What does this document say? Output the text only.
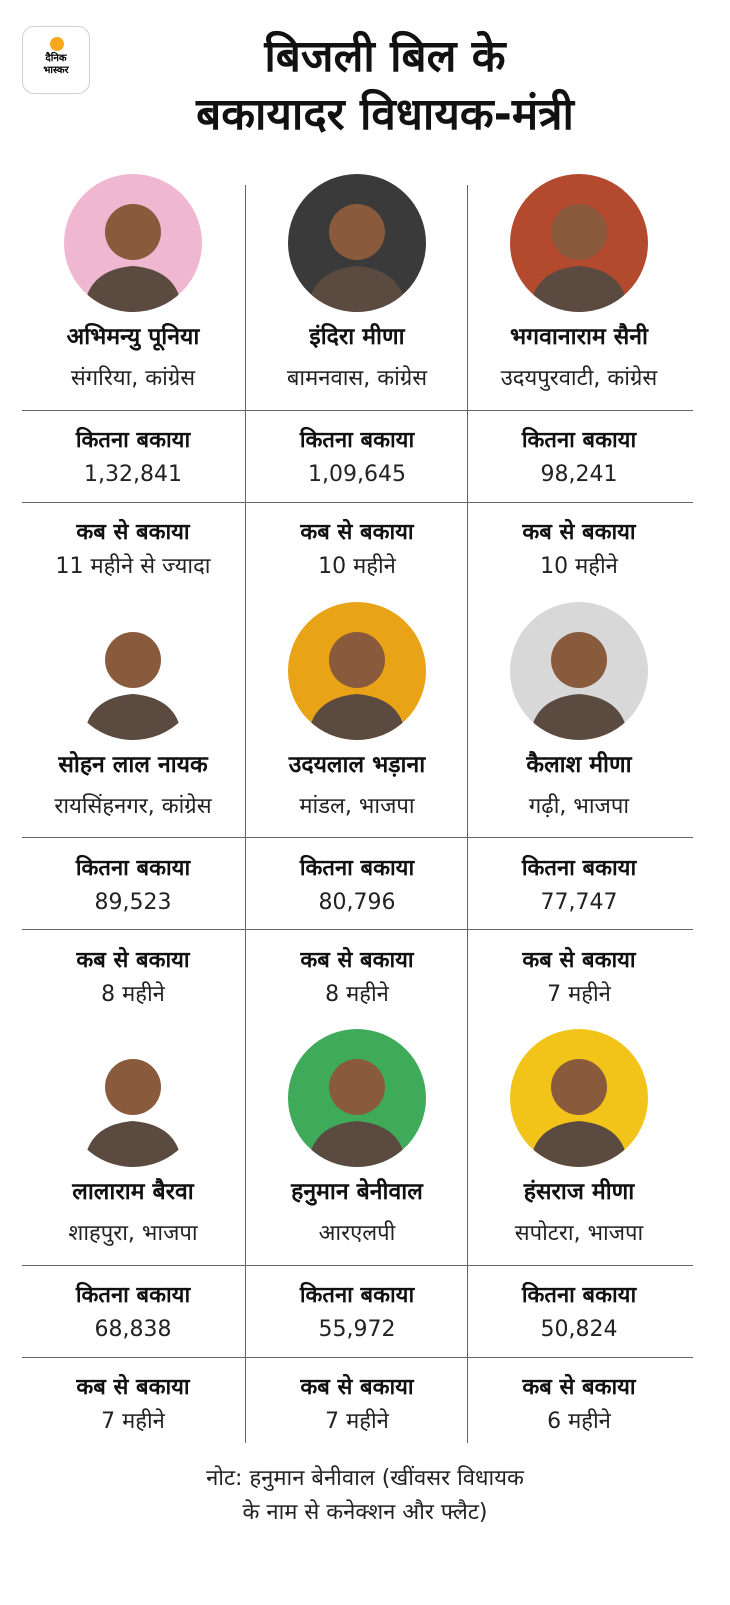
दैनिक
भास्कर	बिजली बिल के
बकायादर विधायक-मंत्री
अभिमन्यु पूनिया
संगरिया, कांग्रेस
कितना बकाया
1,32,841
कब से बकाया
11 महीने से ज्यादा
इंदिरा मीणा
बामनवास, कांग्रेस
कितना बकाया
1,09,645
कब से बकाया
10 महीने
भगवानाराम सैनी
उदयपुरवाटी, कांग्रेस
कितना बकाया
98,241
कब से बकाया
10 महीने
सोहन लाल नायक
रायसिंहनगर, कांग्रेस
कितना बकाया
89,523
कब से बकाया
8 महीने
उदयलाल भड़ाना
मांडल, भाजपा
कितना बकाया
80,796
कब से बकाया
8 महीने
कैलाश मीणा
गढ़ी, भाजपा
कितना बकाया
77,747
कब से बकाया
7 महीने
लालाराम बैरवा
शाहपुरा, भाजपा
कितना बकाया
68,838
कब से बकाया
7 महीने
हनुमान बेनीवाल
आरएलपी
कितना बकाया
55,972
कब से बकाया
7 महीने
हंसराज मीणा
सपोटरा, भाजपा
कितना बकाया
50,824
कब से बकाया
6 महीने
नोट: हनुमान बेनीवाल (खींवसर विधायक
के नाम से कनेक्शन और फ्लैट)
